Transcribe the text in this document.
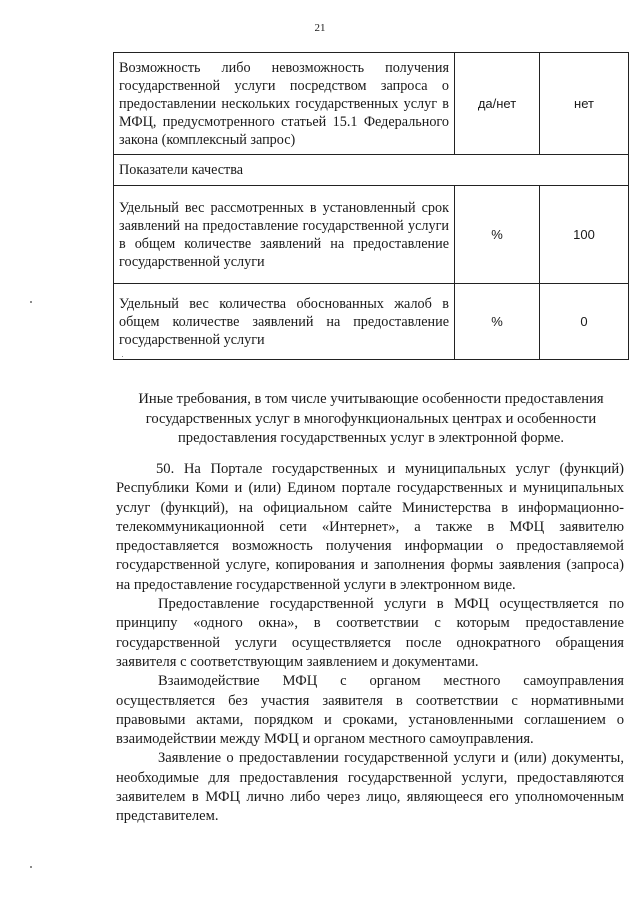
21
Возможность либо невозможность получения государственной услуги посредством запроса о предоставлении нескольких государственных услуг в МФЦ, предусмотренного статьей 15.1 Федерального закона (комплексный запрос)	да/нет	нет
Показатели качества		
Удельный вес рассмотренных в установленный срок заявлений на предоставление государственной услуги в общем количестве заявлений на предоставление государственной услуги	%	100
Удельный вес количества обоснованных жалоб в общем количестве заявлений на предоставление государственной услуги	%	0
Иные требования, в том числе учитывающие особенности предоставления государственных услуг в многофункциональных центрах и особенности предоставления государственных услуг в электронной форме.

50. На Портале государственных и муниципальных услуг (функций) Республики Коми и (или) Едином портале государственных и муниципальных услуг (функций), на официальном сайте Министерства в информационно-телекоммуникационной сети «Интернет», а также в МФЦ заявителю предоставляется возможность получения информации о предоставляемой государственной услуге, копирования и заполнения формы заявления (запроса) на предоставление государственной услуги в электронном виде.

Предоставление государственной услуги в МФЦ осуществляется по принципу «одного окна», в соответствии с которым предоставление государственной услуги осуществляется после однократного обращения заявителя с соответствующим заявлением и документами.

Взаимодействие МФЦ с органом местного самоуправления осуществляется без участия заявителя в соответствии с нормативными правовыми актами, порядком и сроками, установленными соглашением о взаимодействии между МФЦ и органом местного самоуправления.

Заявление о предоставлении государственной услуги и (или) документы, необходимые для предоставления государственной услуги, предоставляются заявителем в МФЦ лично либо через лицо, являющееся его уполномоченным представителем.
